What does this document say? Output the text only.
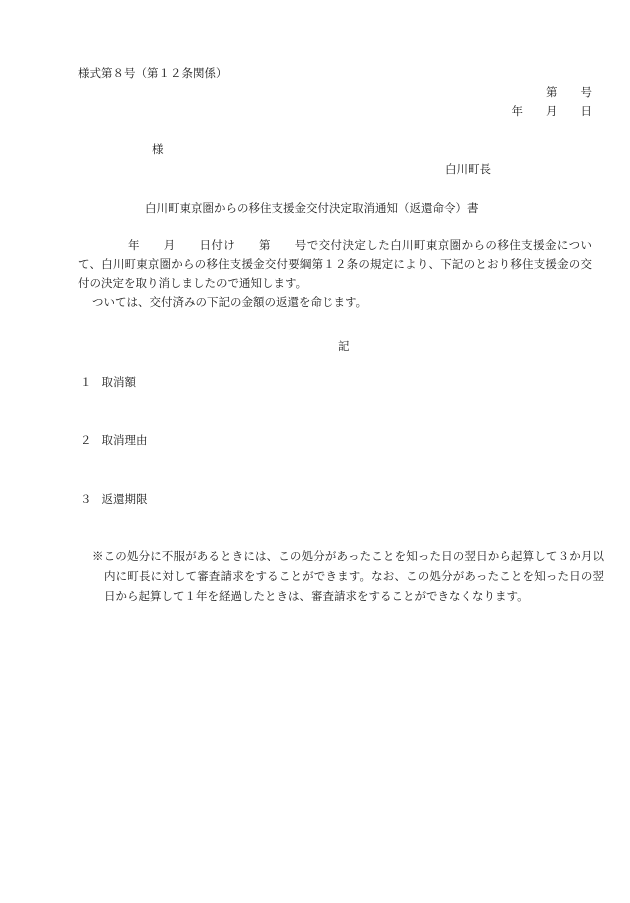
様式第８号（第１２条関係）
第　　号
年　　月　　日
様
白川町長
白川町東京圏からの移住支援金交付決定取消通知（返還命令）書
年　　月　　日付け　　第　　号で交付決定した白川町東京圏からの移住支援金について、白川町東京圏からの移住支援金交付要綱第１２条の規定により、下記のとおり移住支援金の交付の決定を取り消しましたので通知します。
ついては、交付済みの下記の金額の返還を命じます。
記
１ 取消額
２ 取消理由
３ 返還期限
※この処分に不服があるときには、この処分があったことを知った日の翌日から起算して３か月以内に町長に対して審査請求をすることができます。なお、この処分があったことを知った日の翌日から起算して１年を経過したときは、審査請求をすることができなくなります。
